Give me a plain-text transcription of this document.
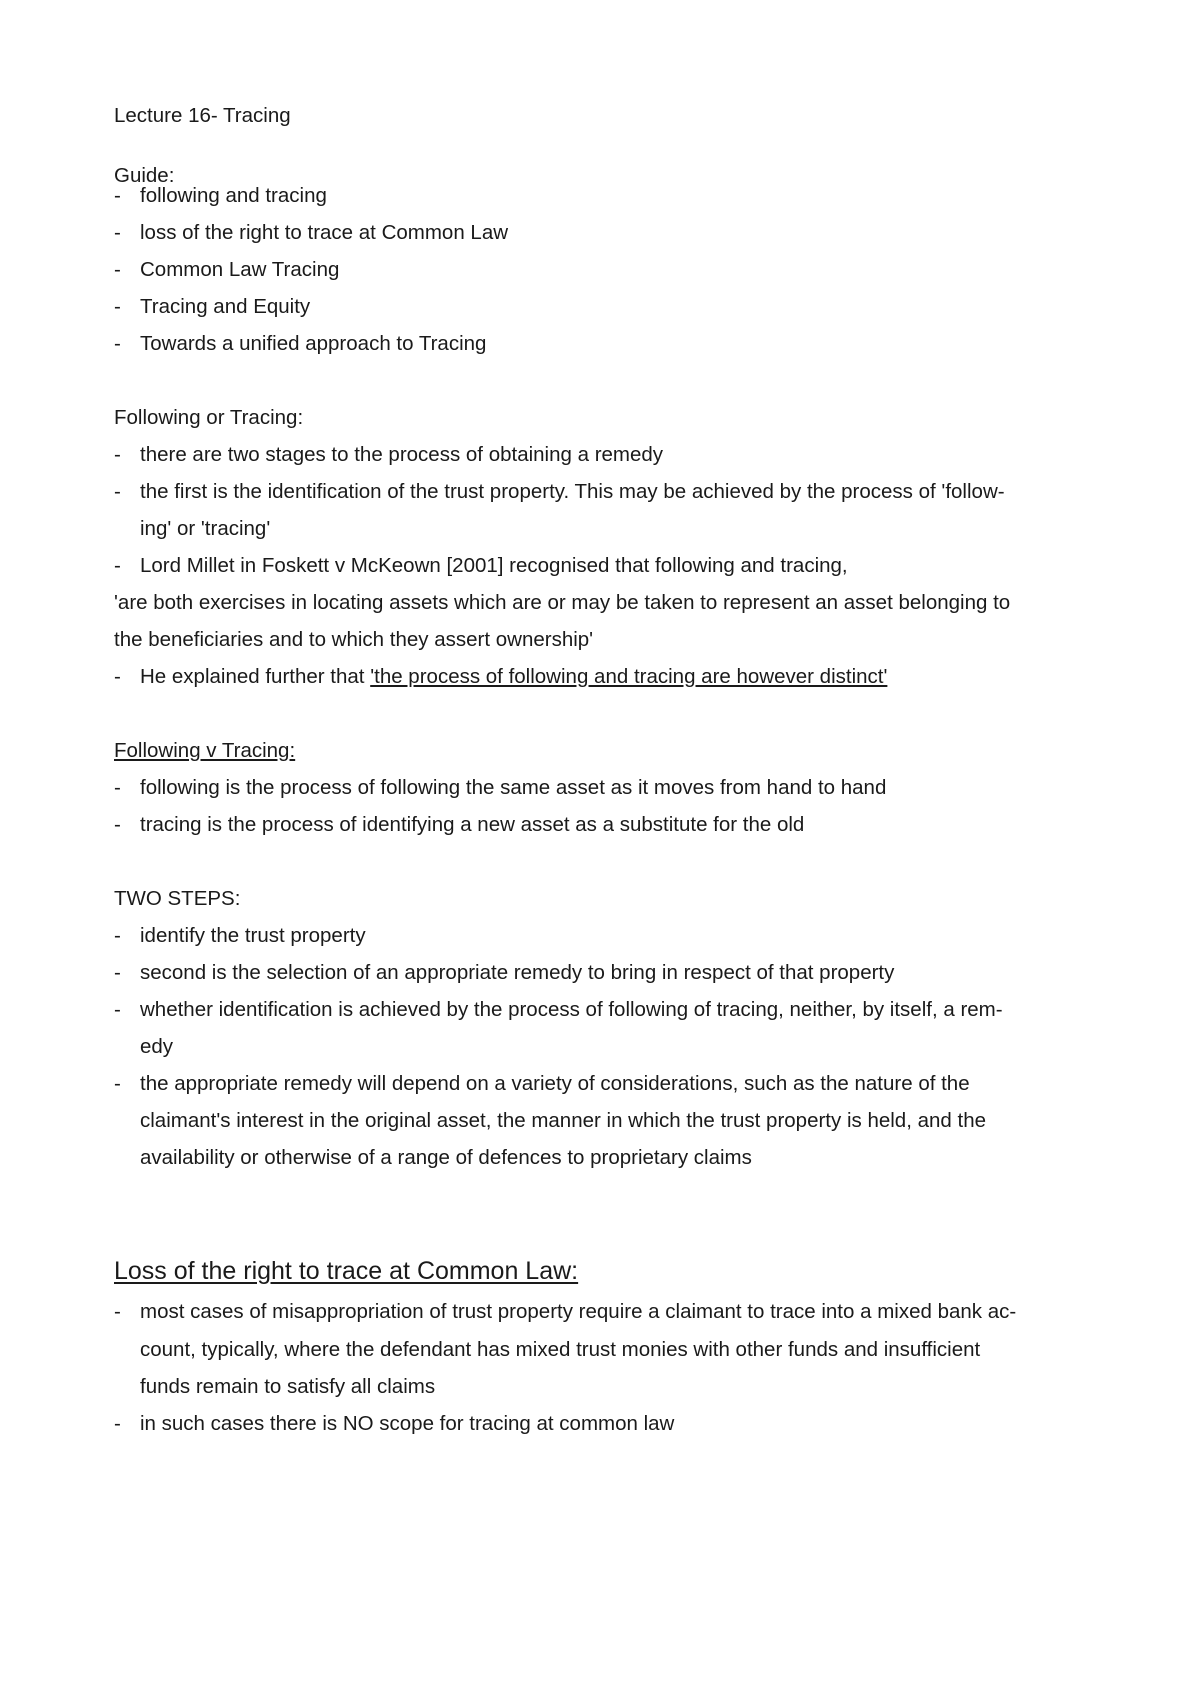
Lecture 16- Tracing
Guide:
- following and tracing
- loss of the right to trace at Common Law
- Common Law Tracing
- Tracing and Equity
- Towards a unified approach to Tracing
Following or Tracing:
- there are two stages to the process of obtaining a remedy
- the first is the identification of the trust property. This may be achieved by the process of 'follow-
ing' or 'tracing'
- Lord Millet in Foskett v McKeown [2001] recognised that following and tracing,
'are both exercises in locating assets which are or may be taken to represent an asset belonging to
the beneficiaries and to which they assert ownership'
- He explained further that 'the process of following and tracing are however distinct'
Following v Tracing:
- following is the process of following the same asset as it moves from hand to hand
- tracing is the process of identifying a new asset as a substitute for the old
TWO STEPS:
- identify the trust property
- second is the selection of an appropriate remedy to bring in respect of that property
- whether identification is achieved by the process of following of tracing, neither, by itself, a rem-
edy
- the appropriate remedy will depend on a variety of considerations, such as the nature of the
claimant's interest in the original asset, the manner in which the trust property is held, and the
availability or otherwise of a range of defences to proprietary claims
Loss of the right to trace at Common Law:
- most cases of misappropriation of trust property require a claimant to trace into a mixed bank ac-
count, typically, where the defendant has mixed trust monies with other funds and insufficient
funds remain to satisfy all claims
- in such cases there is NO scope for tracing at common law
